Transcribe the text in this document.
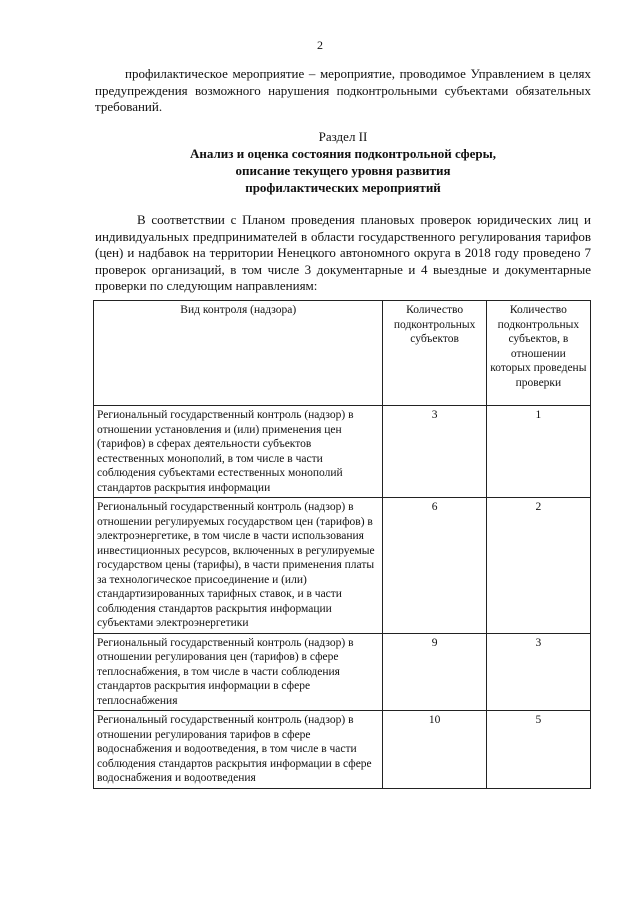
2
профилактическое мероприятие – мероприятие, проводимое Управлением в целях предупреждения возможного нарушения подконтрольными субъектами обязательных требований.
Раздел II
Анализ и оценка состояния подконтрольной сферы,
описание текущего уровня развития
профилактических мероприятий
В соответствии с Планом проведения плановых проверок юридических лиц и индивидуальных предпринимателей в области государственного регулирования тарифов (цен) и надбавок на территории Ненецкого автономного округа в 2018 году проведено 7 проверок организаций, в том числе 3 документарные и 4 выездные и документарные проверки по следующим направлениям:
Вид контроля (надзора)	Количество подконтрольных субъектов	Количество подконтрольных субъектов, в отношении которых проведены проверки
Региональный государственный контроль (надзор) в отношении установления и (или) применения цен (тарифов) в сферах деятельности субъектов естественных монополий, в том числе в части соблюдения субъектами естественных монополий стандартов раскрытия информации	3	1
Региональный государственный контроль (надзор) в отношении регулируемых государством цен (тарифов) в электроэнергетике, в том числе в части использования инвестиционных ресурсов, включенных в регулируемые государством цены (тарифы), в части применения платы за технологическое присоединение и (или) стандартизированных тарифных ставок, и в части соблюдения стандартов раскрытия информации субъектами электроэнергетики	6	2
Региональный государственный контроль (надзор) в отношении регулирования цен (тарифов) в сфере теплоснабжения, в том числе в части соблюдения стандартов раскрытия информации в сфере теплоснабжения	9	3
Региональный государственный контроль (надзор) в отношении регулирования тарифов в сфере водоснабжения и водоотведения, в том числе в части соблюдения стандартов раскрытия информации в сфере водоснабжения и водоотведения	10	5
